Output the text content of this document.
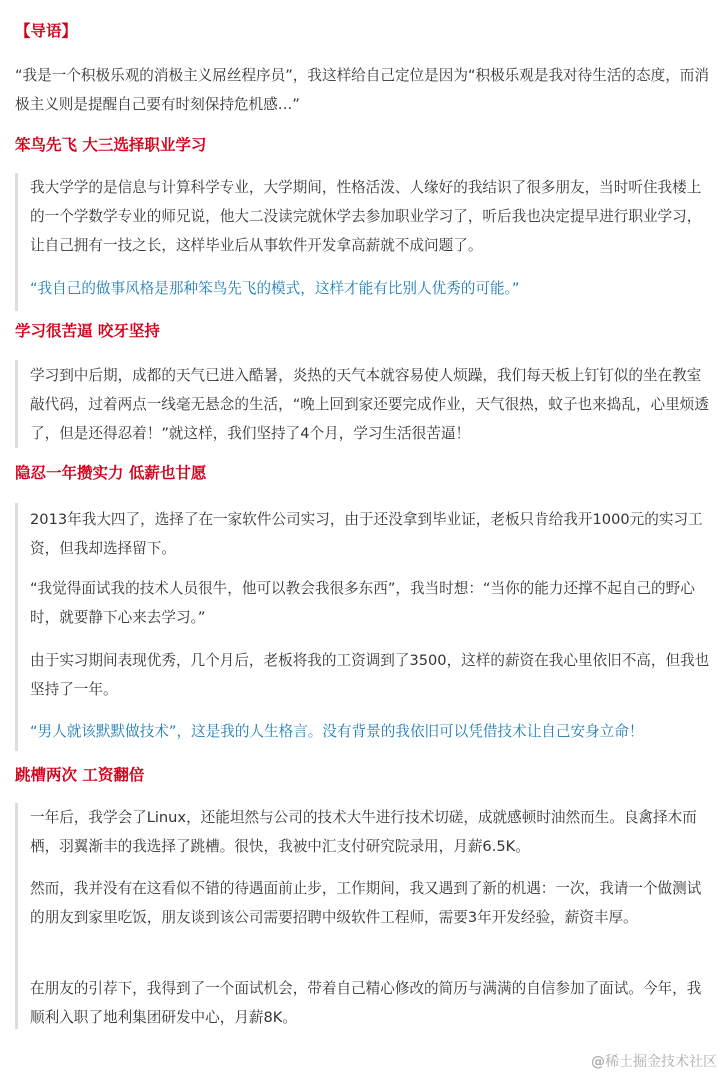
【导语】
“我是一个积极乐观的消极主义屌丝程序员”，我这样给自己定位是因为“积极乐观是我对待生活的态度，而消极主义则是提醒自己要有时刻保持危机感…”
笨鸟先飞 大三选择职业学习
我大学学的是信息与计算科学专业，大学期间，性格活泼、人缘好的我结识了很多朋友，当时听住我楼上的一个学数学专业的师兄说，他大二没读完就休学去参加职业学习了，听后我也决定提早进行职业学习，让自己拥有一技之长，这样毕业后从事软件开发拿高薪就不成问题了。
“我自己的做事风格是那种笨鸟先飞的模式，这样才能有比别人优秀的可能。”
学习很苦逼 咬牙坚持
学习到中后期，成都的天气已进入酷暑，炎热的天气本就容易使人烦躁，我们每天板上钉钉似的坐在教室敲代码，过着两点一线毫无悬念的生活，“晚上回到家还要完成作业，天气很热，蚊子也来捣乱，心里烦透了，但是还得忍着！”就这样，我们坚持了4个月，学习生活很苦逼！
隐忍一年攒实力 低薪也甘愿
2013年我大四了，选择了在一家软件公司实习，由于还没拿到毕业证，老板只肯给我开1000元的实习工资，但我却选择留下。
“我觉得面试我的技术人员很牛，他可以教会我很多东西”，我当时想：“当你的能力还撑不起自己的野心时，就要静下心来去学习。”
由于实习期间表现优秀，几个月后，老板将我的工资调到了3500，这样的薪资在我心里依旧不高，但我也坚持了一年。
“男人就该默默做技术”，这是我的人生格言。没有背景的我依旧可以凭借技术让自己安身立命！
跳槽两次 工资翻倍
一年后，我学会了Linux，还能坦然与公司的技术大牛进行技术切磋，成就感顿时油然而生。良禽择木而栖，羽翼渐丰的我选择了跳槽。很快，我被中汇支付研究院录用，月薪6.5K。
然而，我并没有在这看似不错的待遇面前止步，工作期间，我又遇到了新的机遇：一次，我请一个做测试的朋友到家里吃饭，朋友谈到该公司需要招聘中级软件工程师，需要3年开发经验，薪资丰厚。
在朋友的引荐下，我得到了一个面试机会，带着自己精心修改的简历与满满的自信参加了面试。今年，我顺利入职了地利集团研发中心，月薪8K。
@稀土掘金技术社区
